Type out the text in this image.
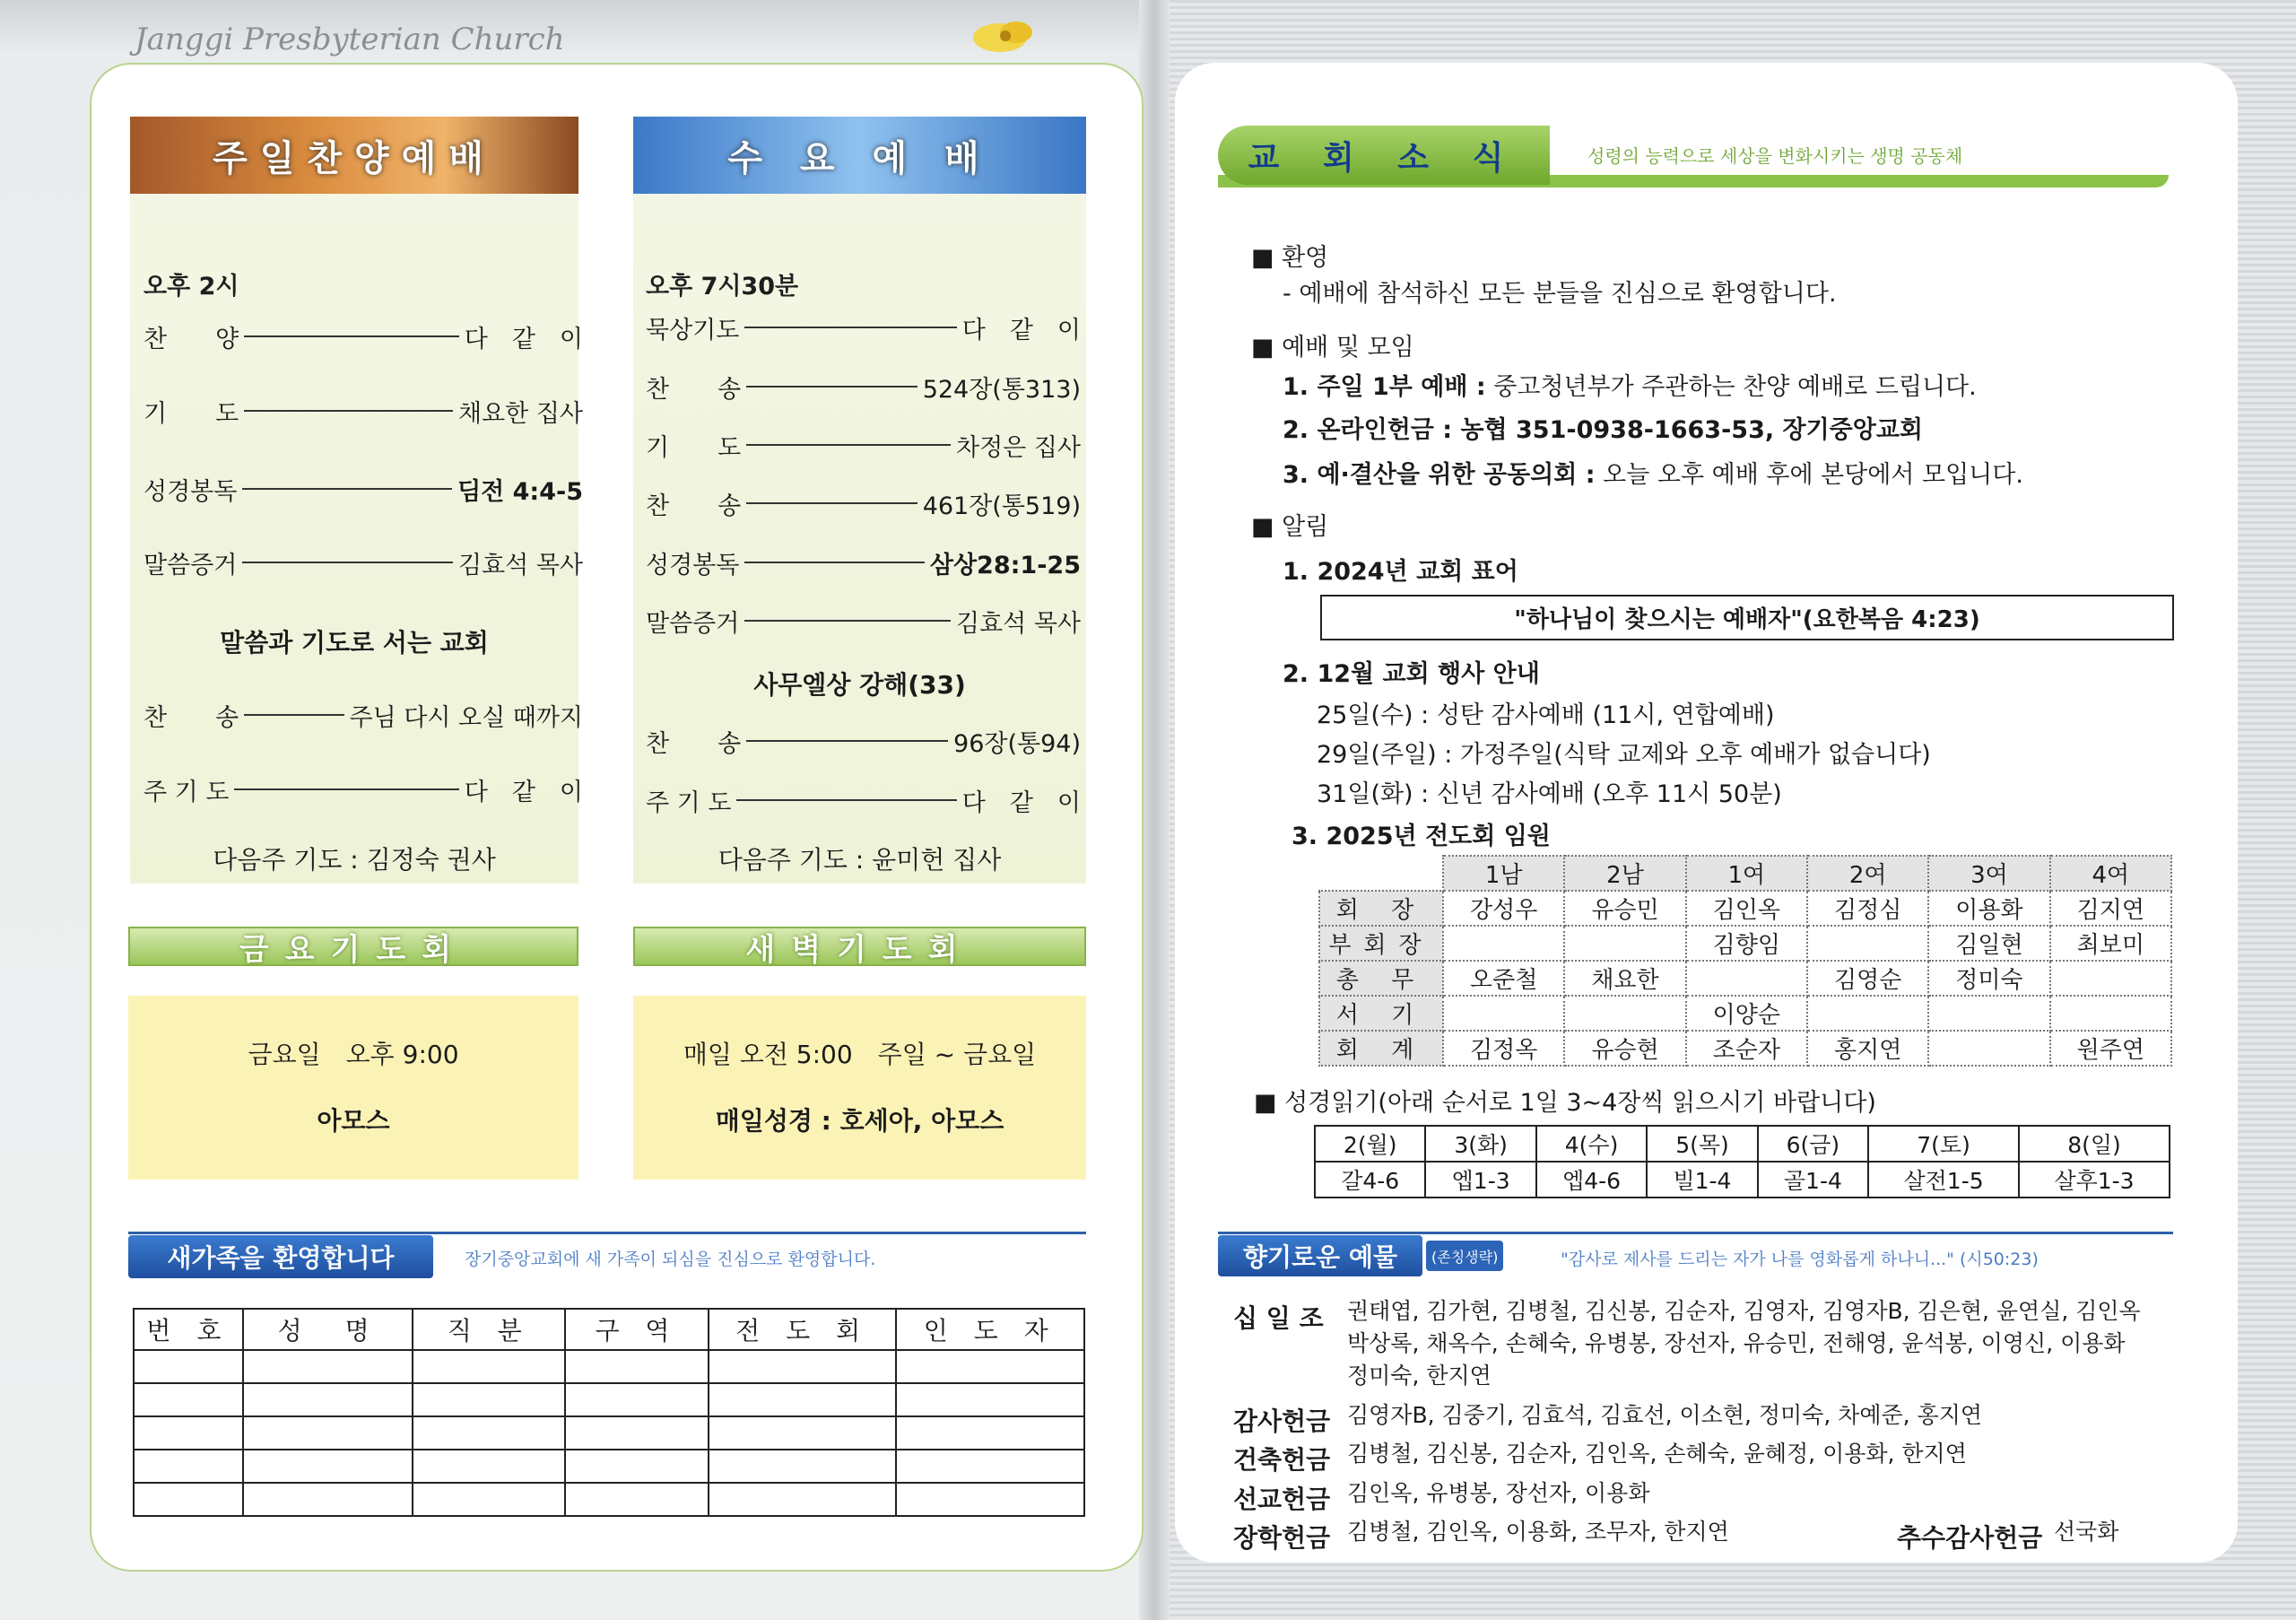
Janggi Presbyterian Church
주일찬양예배
오후 2시
찬　　양	다　같　이
기　　도	채요한 집사
성경봉독	딤전 4:4-5
말씀증거	김효석 목사
말씀과 기도로 서는 교회
찬　　송	주님 다시 오실 때까지
주 기 도	다　같　이
다음주 기도 : 김정숙 권사
수 요 예 배
오후 7시30분
묵상기도	다　같　이
찬　　송	524장(통313)
기　　도	차정은 집사
찬　　송	461장(통519)
성경봉독	삼상28:1-25
말씀증거	김효석 목사
사무엘상 강해(33)
찬　　송	96장(통94)
주 기 도	다　같　이
다음주 기도 : 윤미헌 집사
금요기도회
금요일　오후 9:00
아모스
새벽기도회
매일 오전 5:00　주일 ~ 금요일
매일성경 : 호세아, 아모스
새가족을 환영합니다	장기중앙교회에 새 가족이 되심을 진심으로 환영합니다.
번 호	성　명	직 분	구 역	전 도 회	인 도 자

교 회 소 식	성령의 능력으로 세상을 변화시키는 생명 공동체
■ 환영
- 예배에 참석하신 모든 분들을 진심으로 환영합니다.
■ 예배 및 모임
1. 주일 1부 예배 : 중고청년부가 주관하는 찬양 예배로 드립니다.
2. 온라인헌금 : 농협 351-0938-1663-53, 장기중앙교회
3. 예·결산을 위한 공동의회 : 오늘 오후 예배 후에 본당에서 모입니다.
■ 알림
1. 2024년 교회 표어
"하나님이 찾으시는 예배자"(요한복음 4:23)
2. 12월 교회 행사 안내
25일(수) : 성탄 감사예배 (11시, 연합예배)
29일(주일) : 가정주일(식탁 교제와 오후 예배가 없습니다)
31일(화) : 신년 감사예배 (오후 11시 50분)
3. 2025년 전도회 임원
	1남	2남	1여	2여	3여	4여
회 장	강성우	유승민	김인옥	김정심	이용화	김지연
부회장			김향임		김일현	최보미
총 무	오준철	채요한		김영순	정미숙	
서 기			이양순			
회 계	김정옥	유승현	조순자	홍지연		원주연
■ 성경읽기(아래 순서로 1일 3~4장씩 읽으시기 바랍니다)
2(월)	3(화)	4(수)	5(목)	6(금)	7(토)	8(일)
갈4-6	엡1-3	엡4-6	빌1-4	골1-4	살전1-5	살후1-3
향기로운 예물	(존칭생략)	"감사로 제사를 드리는 자가 나를 영화롭게 하나니..." (시50:23)
십 일 조 권태엽, 김가현, 김병철, 김신봉, 김순자, 김영자, 김영자B, 김은현, 윤연실, 김인옥
박상록, 채옥수, 손혜숙, 유병봉, 장선자, 유승민, 전해영, 윤석봉, 이영신, 이용화
정미숙, 한지연
감사헌금 김영자B, 김중기, 김효석, 김효선, 이소현, 정미숙, 차예준, 홍지연
건축헌금 김병철, 김신봉, 김순자, 김인옥, 손혜숙, 윤혜정, 이용화, 한지연
선교헌금 김인옥, 유병봉, 장선자, 이용화
장학헌금 김병철, 김인옥, 이용화, 조무자, 한지연	추수감사헌금 선국화
